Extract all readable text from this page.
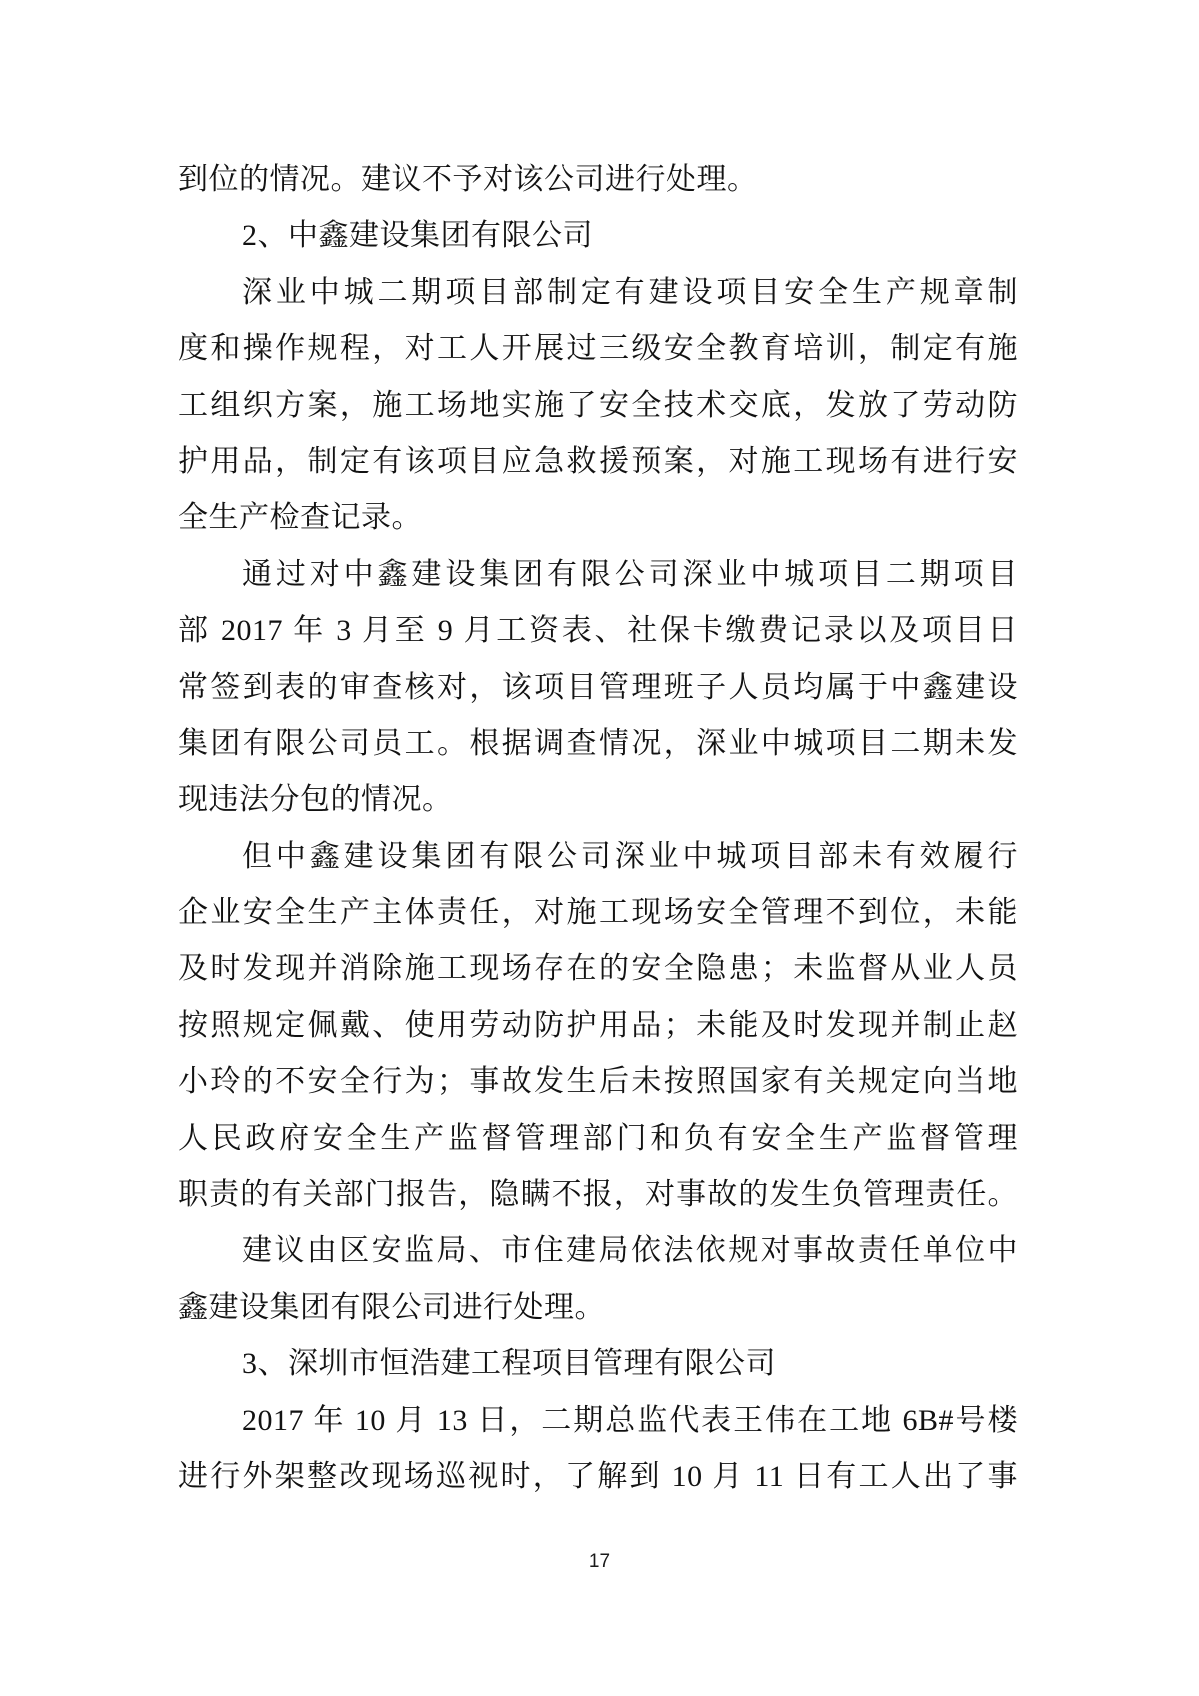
到位的情况。建议不予对该公司进行处理。
2、中鑫建设集团有限公司
深业中城二期项目部制定有建设项目安全生产规章制
度和操作规程，对工人开展过三级安全教育培训，制定有施
工组织方案，施工场地实施了安全技术交底，发放了劳动防
护用品，制定有该项目应急救援预案，对施工现场有进行安
全生产检查记录。
通过对中鑫建设集团有限公司深业中城项目二期项目
部 2017 年 3 月至 9 月工资表、社保卡缴费记录以及项目日
常签到表的审查核对，该项目管理班子人员均属于中鑫建设
集团有限公司员工。根据调查情况，深业中城项目二期未发
现违法分包的情况。
但中鑫建设集团有限公司深业中城项目部未有效履行
企业安全生产主体责任，对施工现场安全管理不到位，未能
及时发现并消除施工现场存在的安全隐患；未监督从业人员
按照规定佩戴、使用劳动防护用品；未能及时发现并制止赵
小玲的不安全行为；事故发生后未按照国家有关规定向当地
人民政府安全生产监督管理部门和负有安全生产监督管理
职责的有关部门报告，隐瞒不报，对事故的发生负管理责任。
建议由区安监局、市住建局依法依规对事故责任单位中
鑫建设集团有限公司进行处理。
3、深圳市恒浩建工程项目管理有限公司
2017 年 10 月 13 日，二期总监代表王伟在工地 6B#号楼
进行外架整改现场巡视时，了解到 10 月 11 日有工人出了事
17
